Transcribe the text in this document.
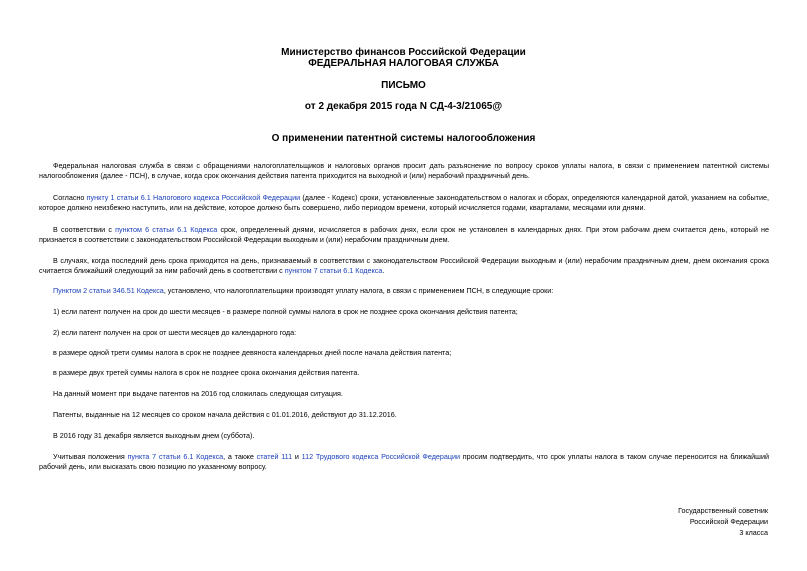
Министерство финансов Российской Федерации
ФЕДЕРАЛЬНАЯ НАЛОГОВАЯ СЛУЖБА
ПИСЬМО
от 2 декабря 2015 года N СД-4-3/21065@
О применении патентной системы налогообложения

Федеральная налоговая служба в связи с обращениями налогоплательщиков и налоговых органов просит дать разъяснение по вопросу сроков уплаты налога, в связи с применением патентной системы налогообложения (далее - ПСН), в случае, когда срок окончания действия патента приходится на выходной и (или) нерабочий праздничный день.

Согласно пункту 1 статьи 6.1 Налогового кодекса Российской Федерации (далее - Кодекс) сроки, установленные законодательством о налогах и сборах, определяются календарной датой, указанием на событие, которое должно неизбежно наступить, или на действие, которое должно быть совершено, либо периодом времени, который исчисляется годами, кварталами, месяцами или днями.

В соответствии с пунктом 6 статьи 6.1 Кодекса срок, определенный днями, исчисляется в рабочих днях, если срок не установлен в календарных днях. При этом рабочим днем считается день, который не признается в соответствии с законодательством Российской Федерации выходным и (или) нерабочим праздничным днем.

В случаях, когда последний день срока приходится на день, признаваемый в соответствии с законодательством Российской Федерации выходным и (или) нерабочим праздничным днем, днем окончания срока считается ближайший следующий за ним рабочий день в соответствии с пунктом 7 статьи 6.1 Кодекса.

Пунктом 2 статьи 346.51 Кодекса, установлено, что налогоплательщики производят уплату налога, в связи с применением ПСН, в следующие сроки:

1) если патент получен на срок до шести месяцев - в размере полной суммы налога в срок не позднее срока окончания действия патента;

2) если патент получен на срок от шести месяцев до календарного года:

в размере одной трети суммы налога в срок не позднее девяноста календарных дней после начала действия патента;

в размере двух третей суммы налога в срок не позднее срока окончания действия патента.

На данный момент при выдаче патентов на 2016 год сложилась следующая ситуация.

Патенты, выданные на 12 месяцев со сроком начала действия с 01.01.2016, действуют до 31.12.2016.

В 2016 году 31 декабря является выходным днем (суббота).

Учитывая положения пункта 7 статьи 6.1 Кодекса, а также статей 111 и 112 Трудового кодекса Российской Федерации просим подтвердить, что срок уплаты налога в таком случае переносится на ближайший рабочий день, или высказать свою позицию по указанному вопросу.

Государственный советник
Российской Федерации
3 класса
